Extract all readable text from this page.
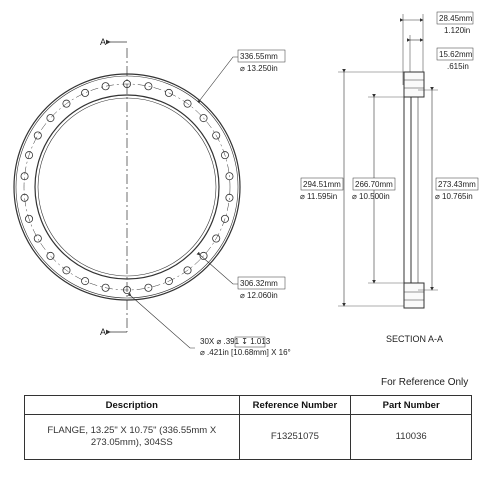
A
A
336.55mm
⌀ 13.250in
306.32mm
⌀ 12.060in
30X ⌀ .391 ↧ 1.013
⌀ .421in [10.68mm] X 16°
28.45mm
1.120in
15.62mm
.615in
294.51mm
⌀ 11.595in
266.70mm
⌀ 10.500in
273.43mm
⌀ 10.765in
SECTION A-A
For Reference Only
Description	Reference Number	Part Number

FLANGE, 13.25" X 10.75" (336.55mm X
273.05mm), 304SS	F13251075	110036
